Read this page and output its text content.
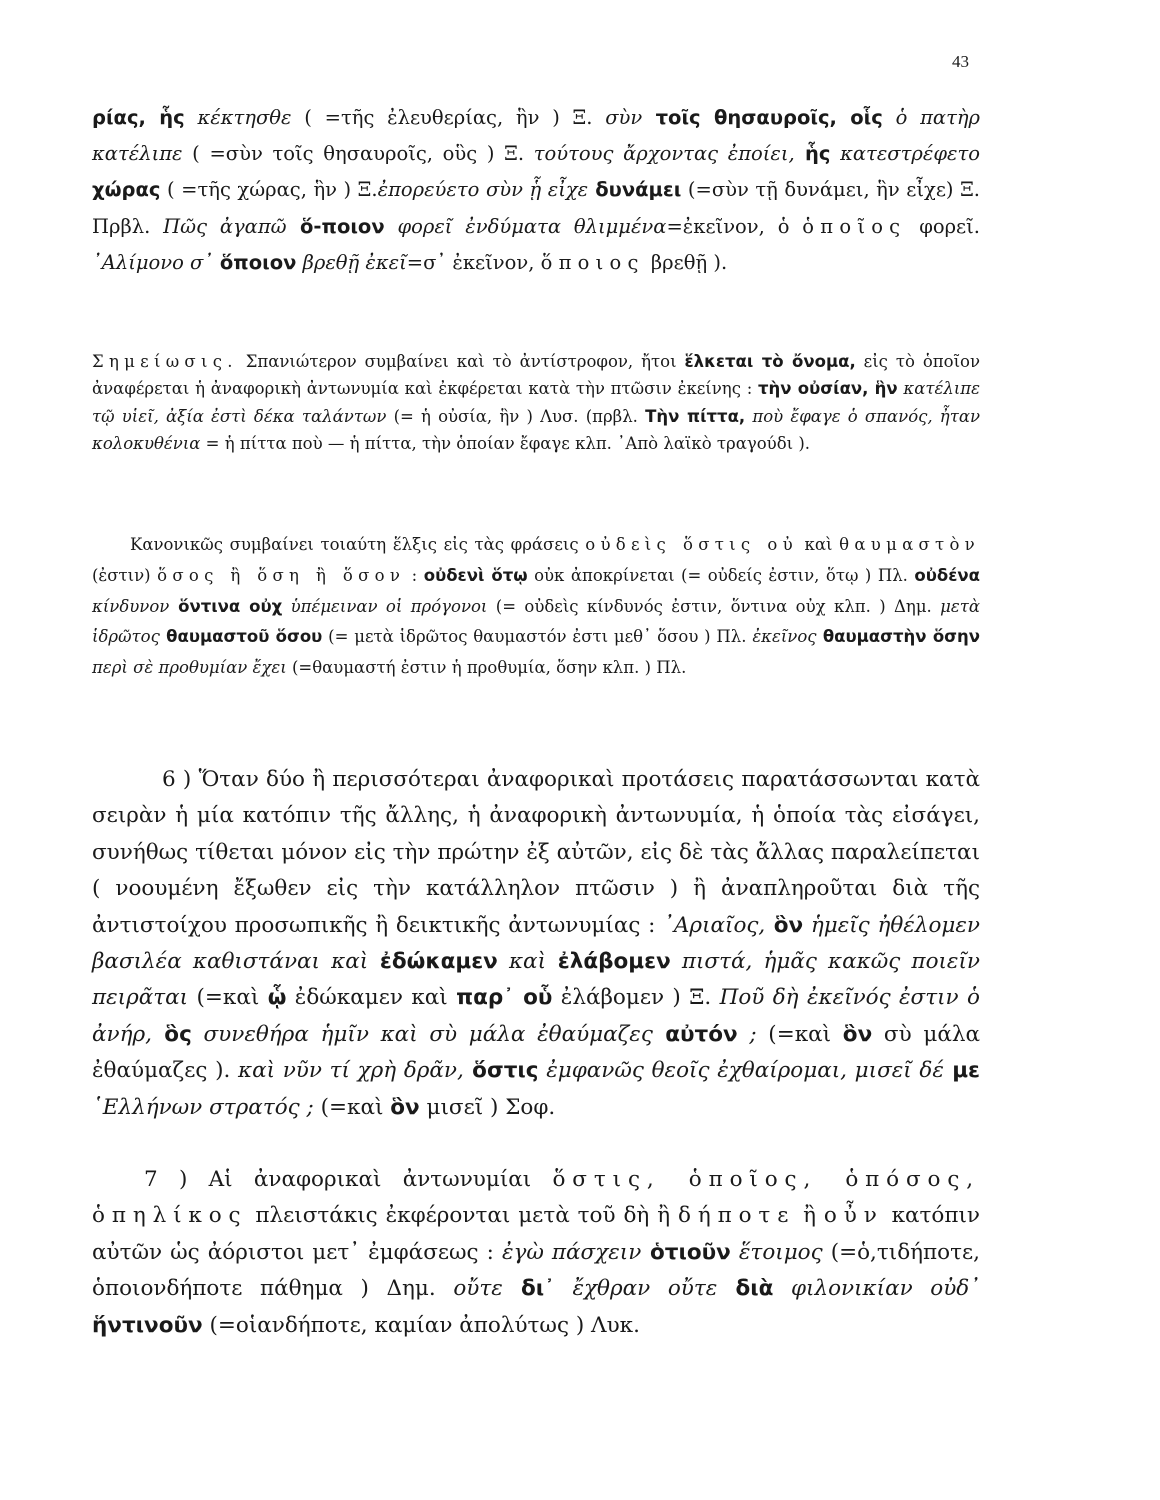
43

ρίας, ἧς κέκτησθε ( =τῆς ἐλευθερίας, ἣν ) Ξ. σὺν τοῖς θησαυροῖς, οἷς ὁ πατὴρ κατέλιπε ( =σὺν τοῖς θησαυροῖς, οὓς ) Ξ. τούτους ἄρχοντας ἐποίει, ἧς κατεστρέφετο χώρας ( =τῆς χώρας, ἣν ) Ξ.ἐπορεύετο σὺν ᾗ εἶχε δυνάμει (=σὺν τῇ δυνάμει, ἣν εἶχε) Ξ. Πρβλ. Πῶς ἀγαπῶ ὅ-ποιον φορεῖ ἐνδύματα θλιμμένα=ἐκεῖνον, ὁ ὁποῖος φορεῖ. ᾿Αλίμονο σ᾿ ὅποιον βρεθῇ ἐκεῖ=σ᾿ ἐκεῖνον, ὅποιος βρεθῇ ).

Σημείωσις. Σπανιώτερον συμβαίνει καὶ τὸ ἀντίστροφον, ἤτοι ἕλκεται τὸ ὄνομα, εἰς τὸ ὁποῖον ἀναφέρεται ἡ ἀναφορικὴ ἀντωνυμία καὶ ἐκφέρεται κατὰ τὴν πτῶσιν ἐκείνης : τὴν οὐσίαν, ἣν κατέλιπε τῷ υἱεῖ, ἀξία ἐστὶ δέκα ταλάντων (= ἡ οὐσία, ἣν ) Λυσ. (πρβλ. Τὴν πίττα, ποὺ ἔφαγε ὁ σπανός, ἦταν κολοκυθένια = ἡ πίττα ποὺ — ἡ πίττα, τὴν ὁποίαν ἔφαγε κλπ. ᾿Απὸ λαϊκὸ τραγούδι ).

Κανονικῶς συμβαίνει τοιαύτη ἕλξις εἰς τὰς φράσεις οὐδεὶς ὅστις οὐ καὶ θαυμαστὸν (ἐστιν) ὅσος ἢ ὅση ἢ ὅσον : οὐδενὶ ὅτῳ οὐκ ἀποκρίνεται (= οὐδείς ἐστιν, ὅτῳ ) Πλ. οὐδένα κίνδυνον ὅντινα οὐχ ὑπέμειναν οἱ πρόγονοι (= οὐδεὶς κίνδυνός ἐστιν, ὅντινα οὐχ κλπ. ) Δημ. μετὰ ἱδρῶτος θαυμαστοῦ ὅσου (= μετὰ ἱδρῶτος θαυμαστόν ἐστι μεθ᾿ ὅσου ) Πλ. ἐκεῖνος θαυμαστὴν ὅσην περὶ σὲ προθυμίαν ἔχει (=θαυμαστή ἐστιν ἡ προθυμία, ὅσην κλπ. ) Πλ.

6 ) Ὅταν δύο ἢ περισσότεραι ἀναφορικαὶ προτάσεις παρατάσσωνται κατὰ σειρὰν ἡ μία κατόπιν τῆς ἄλλης, ἡ ἀναφορικὴ ἀντωνυμία, ἡ ὁποία τὰς εἰσάγει, συνήθως τίθεται μόνον εἰς τὴν πρώτην ἐξ αὐτῶν, εἰς δὲ τὰς ἄλλας παραλείπεται ( νοουμένη ἔξωθεν εἰς τὴν κατάλληλον πτῶσιν ) ἢ ἀναπληροῦται διὰ τῆς ἀντιστοίχου προσωπικῆς ἢ δεικτικῆς ἀντωνυμίας : ᾿Αριαῖος, ὃν ἡμεῖς ἠθέλομεν βασιλέα καθιστάναι καὶ ἐδώκαμεν καὶ ἐλάβομεν πιστά, ἡμᾶς κακῶς ποιεῖν πειρᾶται (=καὶ ᾧ ἐδώκαμεν καὶ παρ᾿ οὗ ἐλάβομεν ) Ξ. Ποῦ δὴ ἐκεῖνός ἐστιν ὁ ἀνήρ, ὃς συνεθήρα ἡμῖν καὶ σὺ μάλα ἐθαύμαζες αὐτόν ; (=καὶ ὃν σὺ μάλα ἐθαύμαζες ). καὶ νῦν τί χρὴ δρᾶν, ὅστις ἐμφανῶς θεοῖς ἐχθαίρομαι, μισεῖ δέ με ῾Ελλήνων στρατός ; (=καὶ ὃν μισεῖ ) Σοφ.

7 ) Αἱ ἀναφορικαὶ ἀντωνυμίαι ὅστις, ὁποῖος, ὁπόσος, ὁπηλίκος πλειστάκις ἐκφέρονται μετὰ τοῦ δὴ ἢ δήποτε ἢ οὖν κατόπιν αὐτῶν ὡς ἀόριστοι μετ᾿ ἐμφάσεως : ἐγὼ πάσχειν ὁτιοῦν ἕτοιμος (=ὁ,τιδήποτε, ὁποιονδήποτε πάθημα ) Δημ. οὔτε δι᾿ ἔχθραν οὔτε διὰ φιλονικίαν οὐδ᾿ ἥντινοῦν (=οἱανδήποτε, καμίαν ἀπολύτως ) Λυκ.
